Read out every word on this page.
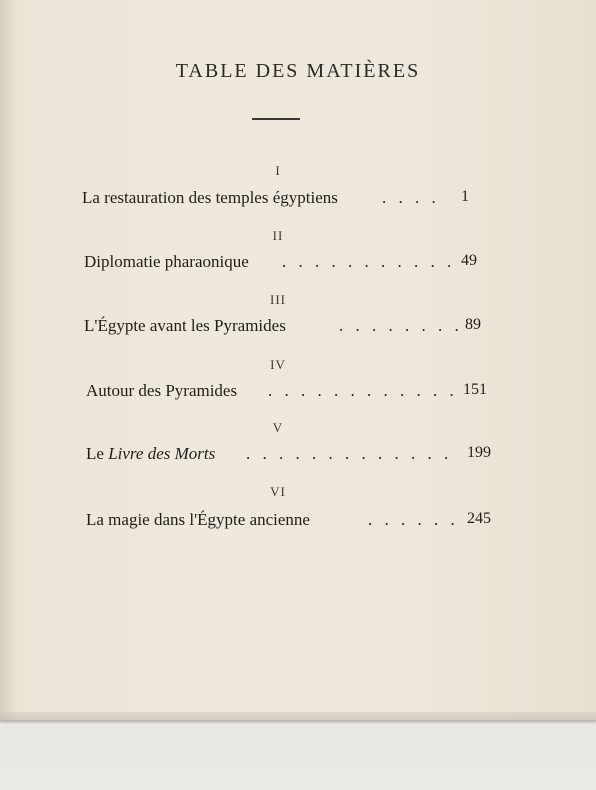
TABLE DES MATIÈRES
I
La restauration des temples égyptiens	. . . . 1
II
Diplomatie pharaonique . . . . . . . . . . . 49
III
L'Égypte avant les Pyramides	. . . . . . . . 89
IV
Autour des Pyramides . . . . . . . . . . . . 151
V
Le Livre des Morts . . . . . . . . . . . . . 199
VI
La magie dans l'Égypte ancienne	. . . . . . 245
